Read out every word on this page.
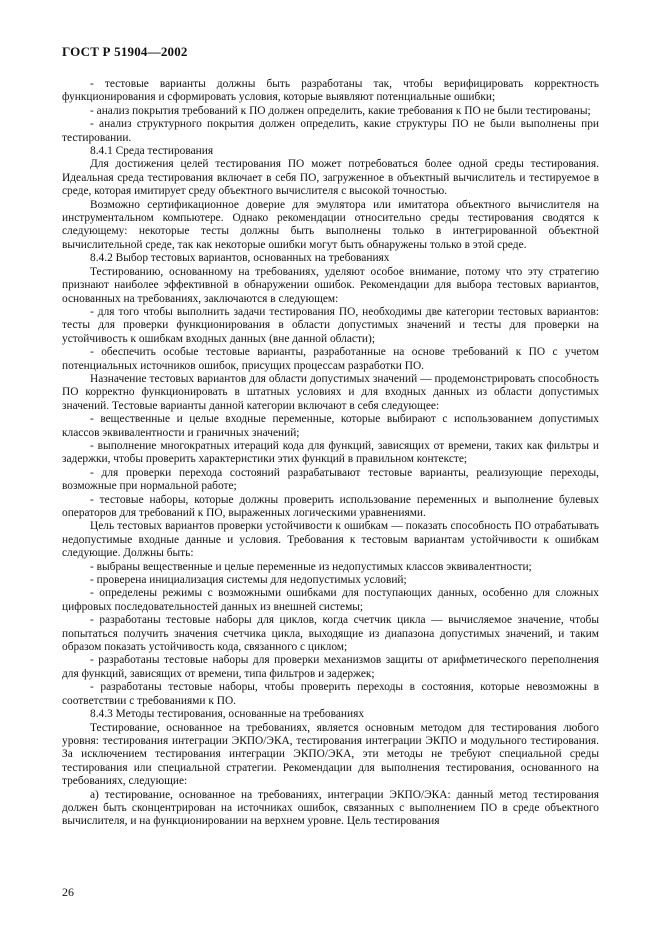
ГОСТ Р 51904—2002

- тестовые варианты должны быть разработаны так, чтобы верифицировать корректность функционирования и сформировать условия, которые выявляют потенциальные ошибки;

- анализ покрытия требований к ПО должен определить, какие требования к ПО не были тестированы;

- анализ структурного покрытия должен определить, какие структуры ПО не были выполнены при тестировании.

8.4.1 Среда тестирования

Для достижения целей тестирования ПО может потребоваться более одной среды тестирования. Идеальная среда тестирования включает в себя ПО, загруженное в объектный вычислитель и тестируемое в среде, которая имитирует среду объектного вычислителя с высокой точностью.

Возможно сертификационное доверие для эмулятора или имитатора объектного вычислителя на инструментальном компьютере. Однако рекомендации относительно среды тестирования сводятся к следующему: некоторые тесты должны быть выполнены только в интегрированной объектной вычислительной среде, так как некоторые ошибки могут быть обнаружены только в этой среде.

8.4.2 Выбор тестовых вариантов, основанных на требованиях

Тестированию, основанному на требованиях, уделяют особое внимание, потому что эту стратегию признают наиболее эффективной в обнаружении ошибок. Рекомендации для выбора тестовых вариантов, основанных на требованиях, заключаются в следующем:

- для того чтобы выполнить задачи тестирования ПО, необходимы две категории тестовых вариантов: тесты для проверки функционирования в области допустимых значений и тесты для проверки на устойчивость к ошибкам входных данных (вне данной области);

- обеспечить особые тестовые варианты, разработанные на основе требований к ПО с учетом потенциальных источников ошибок, присущих процессам разработки ПО.

Назначение тестовых вариантов для области допустимых значений — продемонстрировать способность ПО корректно функционировать в штатных условиях и для входных данных из области допустимых значений. Тестовые варианты данной категории включают в себя следующее:

- вещественные и целые входные переменные, которые выбирают с использованием допустимых классов эквивалентности и граничных значений;

- выполнение многократных итераций кода для функций, зависящих от времени, таких как фильтры и задержки, чтобы проверить характеристики этих функций в правильном контексте;

- для проверки перехода состояний разрабатывают тестовые варианты, реализующие переходы, возможные при нормальной работе;

- тестовые наборы, которые должны проверить использование переменных и выполнение булевых операторов для требований к ПО, выраженных логическими уравнениями.

Цель тестовых вариантов проверки устойчивости к ошибкам — показать способность ПО отрабатывать недопустимые входные данные и условия. Требования к тестовым вариантам устойчивости к ошибкам следующие. Должны быть:

- выбраны вещественные и целые переменные из недопустимых классов эквивалентности;

- проверена инициализация системы для недопустимых условий;

- определены режимы с возможными ошибками для поступающих данных, особенно для сложных цифровых последовательностей данных из внешней системы;

- разработаны тестовые наборы для циклов, когда счетчик цикла — вычисляемое значение, чтобы попытаться получить значения счетчика цикла, выходящие из диапазона допустимых значений, и таким образом показать устойчивость кода, связанного с циклом;

- разработаны тестовые наборы для проверки механизмов защиты от арифметического переполнения для функций, зависящих от времени, типа фильтров и задержек;

- разработаны тестовые наборы, чтобы проверить переходы в состояния, которые невозможны в соответствии с требованиями к ПО.

8.4.3 Методы тестирования, основанные на требованиях

Тестирование, основанное на требованиях, является основным методом для тестирования любого уровня: тестирования интеграции ЭКПО/ЭКА, тестирования интеграции ЭКПО и модульного тестирования. За исключением тестирования интеграции ЭКПО/ЭКА, эти методы не требуют специальной среды тестирования или специальной стратегии. Рекомендации для выполнения тестирования, основанного на требованиях, следующие:

а) тестирование, основанное на требованиях, интеграции ЭКПО/ЭКА: данный метод тестирования должен быть сконцентрирован на источниках ошибок, связанных с выполнением ПО в среде объектного вычислителя, и на функционировании на верхнем уровне. Цель тестирования

26
